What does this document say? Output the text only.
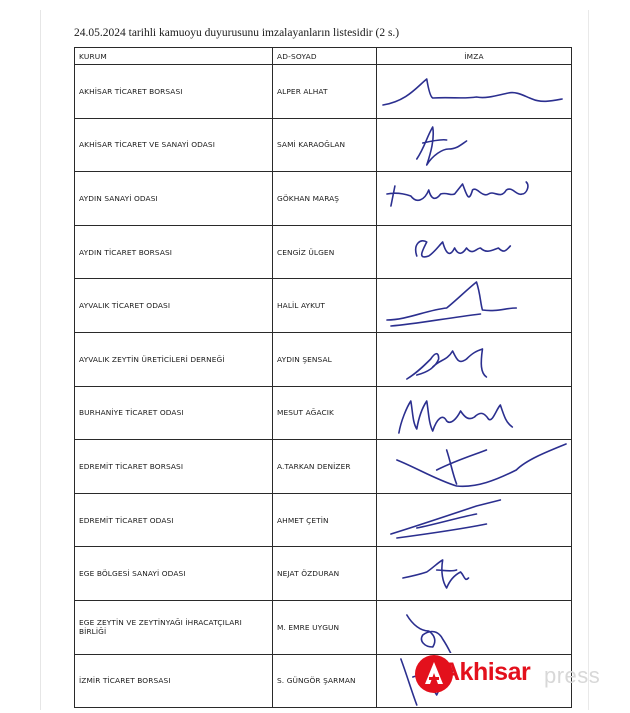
24.05.2024 tarihli kamuoyu duyurusunu imzalayanların listesidir (2 s.)
KURUM	AD-SOYAD	İMZA
AKHİSAR TİCARET BORSASI	ALPER ALHAT	

AKHİSAR TİCARET VE SANAYİ ODASI	SAMİ KARAOĞLAN	

AYDIN SANAYİ ODASI	GÖKHAN MARAŞ	

AYDIN TİCARET BORSASI	CENGİZ ÜLGEN	

AYVALIK TİCARET ODASI	HALİL AYKUT	

AYVALIK ZEYTİN ÜRETİCİLERİ DERNEĞİ	AYDIN ŞENSAL	

BURHANİYE TİCARET ODASI	MESUT AĞACIK	

EDREMİT TİCARET BORSASI	A.TARKAN DENİZER	

EDREMİT TİCARET ODASI	AHMET ÇETİN	

EGE BÖLGESİ SANAYİ ODASI	NEJAT ÖZDURAN	

EGE ZEYTİN VE ZEYTİNYAĞI İHRACATÇILARI BİRLİĞİ	M. EMRE UYGUN	

İZMİR TİCARET BORSASI	S. GÜNGÖR ŞARMAN		Akhisar press
